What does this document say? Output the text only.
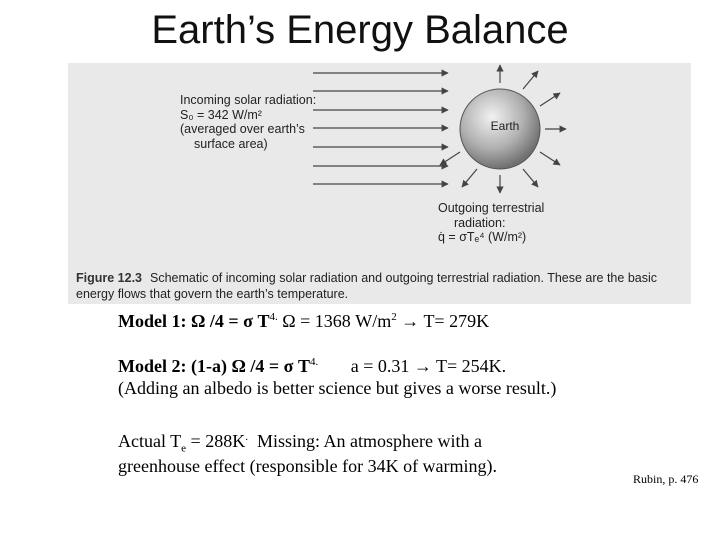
Earth’s Energy Balance
Incoming solar radiation:
S₀ = 342 W/m²
(averaged over earth’s
surface area)
Earth
Outgoing terrestrial
radiation:
q̇ = σTₑ⁴ (W/m²)
Figure 12.3 Schematic of incoming solar radiation and outgoing terrestrial radiation. These are the basic energy flows that govern the earth’s temperature.
Model 1: Ω /4 = σ $T^{4.}$ Ω = 1368 $W/m^2 \to T= 279K$
Model 2: (1-a) Ω /4 = σ $T^{4.}$ a = 0.31 → T= 254K.
(Adding an albedo is better science but gives a worse result.)
Actual $T_e = 288K^.$  Missing: An atmosphere with a
greenhouse effect (responsible for 34K of warming).
Rubin, p. 476
